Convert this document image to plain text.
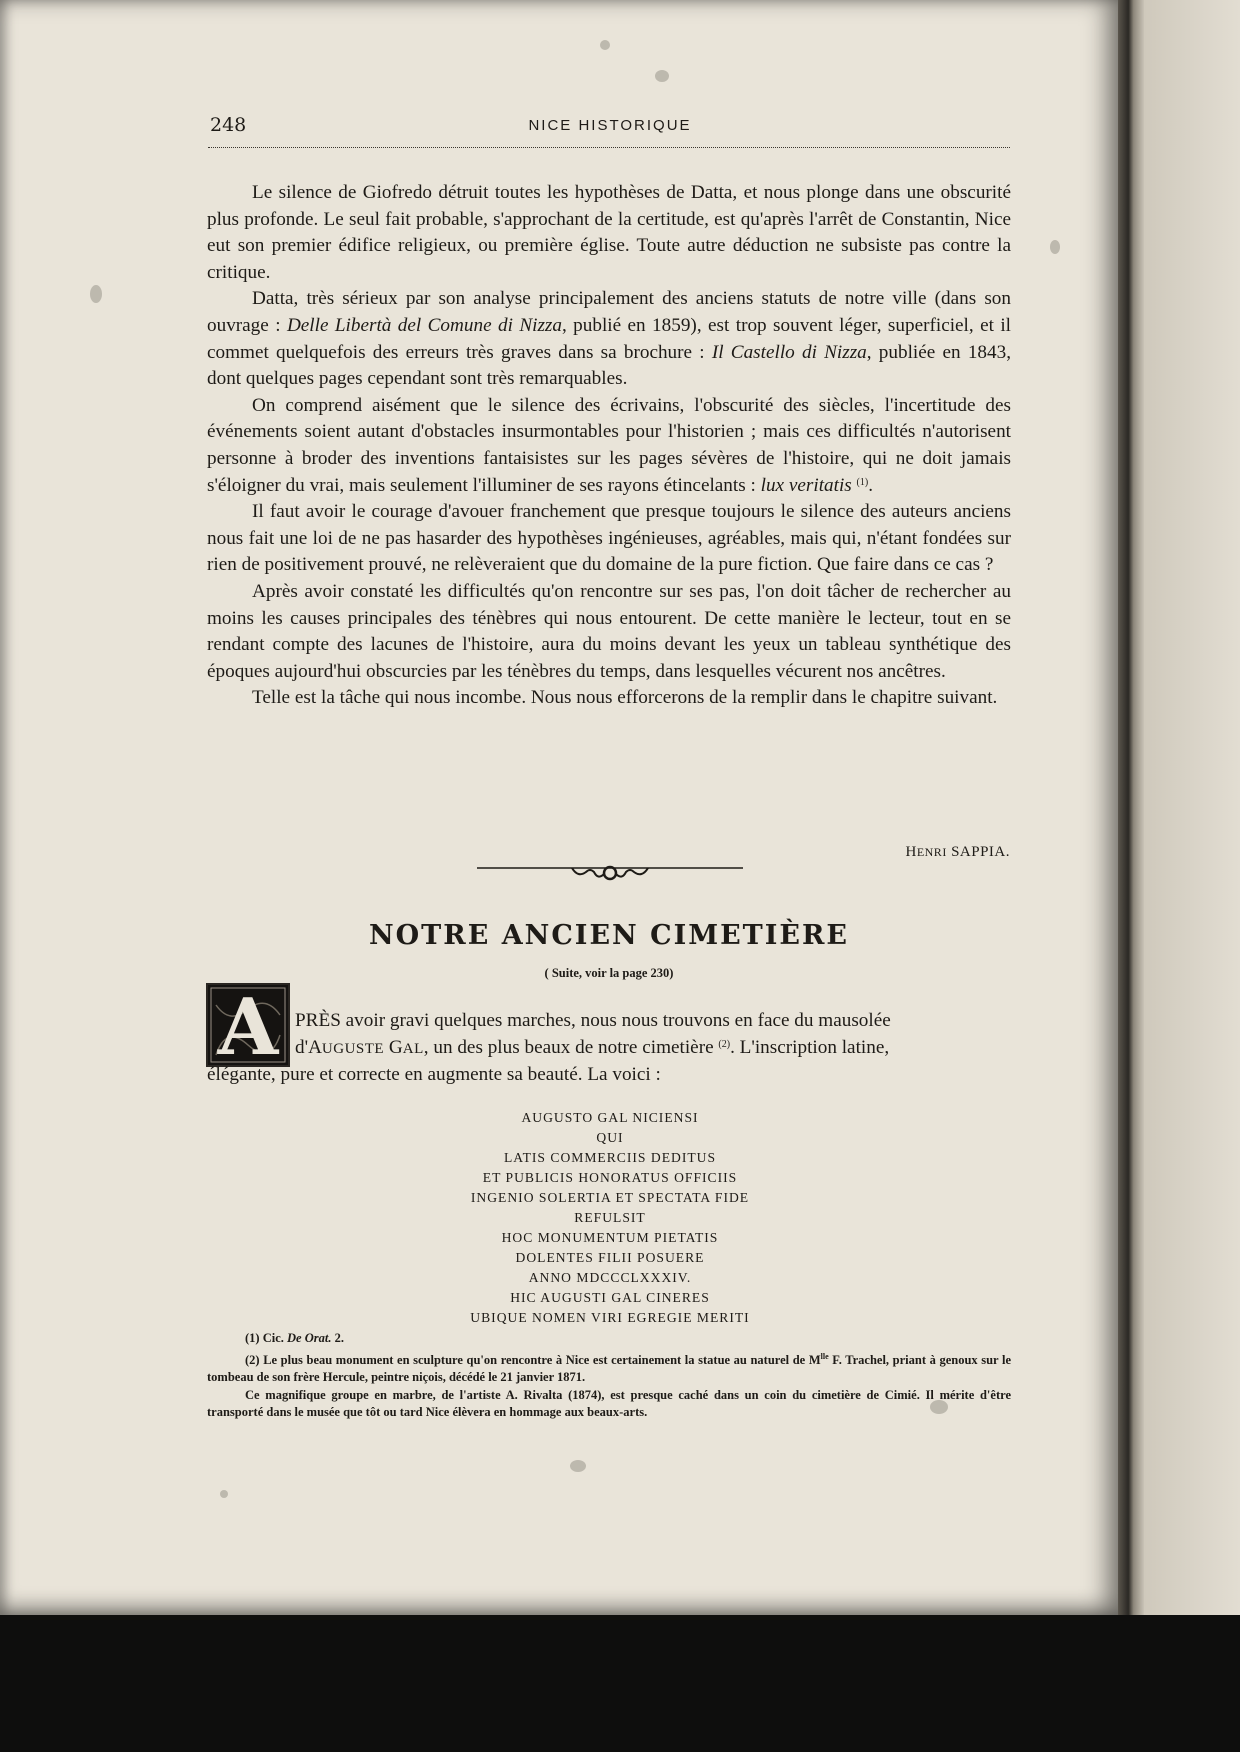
248	NICE HISTORIQUE

Le silence de Giofredo détruit toutes les hypothèses de Datta, et nous plonge dans une obscurité plus profonde. Le seul fait probable, s'approchant de la certitude, est qu'après l'arrêt de Constantin, Nice eut son premier édifice religieux, ou première église. Toute autre déduction ne subsiste pas contre la critique.

Datta, très sérieux par son analyse principalement des anciens statuts de notre ville (dans son ouvrage : Delle Libertà del Comune di Nizza, publié en 1859), est trop souvent léger, superficiel, et il commet quelquefois des erreurs très graves dans sa brochure : Il Castello di Nizza, publiée en 1843, dont quelques pages cependant sont très remarquables.

On comprend aisément que le silence des écrivains, l'obscurité des siècles, l'incertitude des événements soient autant d'obstacles insurmontables pour l'historien ; mais ces difficultés n'autorisent personne à broder des inventions fantaisistes sur les pages sévères de l'histoire, qui ne doit jamais s'éloigner du vrai, mais seulement l'illuminer de ses rayons étincelants : lux veritatis $^{(1)}$.

Il faut avoir le courage d'avouer franchement que presque toujours le silence des auteurs anciens nous fait une loi de ne pas hasarder des hypothèses ingénieuses, agréables, mais qui, n'étant fondées sur rien de positivement prouvé, ne relèveraient que du domaine de la pure fiction. Que faire dans ce cas ?

Après avoir constaté les difficultés qu'on rencontre sur ses pas, l'on doit tâcher de rechercher au moins les causes principales des ténèbres qui nous entourent. De cette manière le lecteur, tout en se rendant compte des lacunes de l'histoire, aura du moins devant les yeux un tableau synthétique des époques aujourd'hui obscurcies par les ténèbres du temps, dans lesquelles vécurent nos ancêtres.

Telle est la tâche qui nous incombe. Nous nous efforcerons de la remplir dans le chapitre suivant.

HENRI SAPPIA.
NOTRE ANCIEN CIMETIÈRE
( Suite, voir la page 230)
A PRÈS avoir gravi quelques marches, nous nous trouvons en face du mausolée
d'AUGUSTE GAL, un des plus beaux de notre cimetière $^{(2)}$. L'inscription latine,
élégante, pure et correcte en augmente sa beauté. La voici :
AUGUSTO GAL NICIENSI
QUI
LATIS COMMERCIIS DEDITUS
ET PUBLICIS HONORATUS OFFICIIS
INGENIO SOLERTIA ET SPECTATA FIDE
REFULSIT
HOC MONUMENTUM PIETATIS
DOLENTES FILII POSUERE
ANNO MDCCCLXXXIV.
HIC AUGUSTI GAL CINERES
UBIQUE NOMEN VIRI EGREGIE MERITI

(1) Cic. De Orat. 2.

(2) Le plus beau monument en sculpture qu'on rencontre à Nice est certainement la statue au naturel de $M^{lle}$ F. Trachel, priant à genoux sur le tombeau de son frère Hercule, peintre niçois, décédé le 21 janvier 1871.

Ce magnifique groupe en marbre, de l'artiste A. Rivalta (1874), est presque caché dans un coin du cimetière de Cimié. Il mérite d'être transporté dans le musée que tôt ou tard Nice élèvera en hommage aux beaux-arts.
